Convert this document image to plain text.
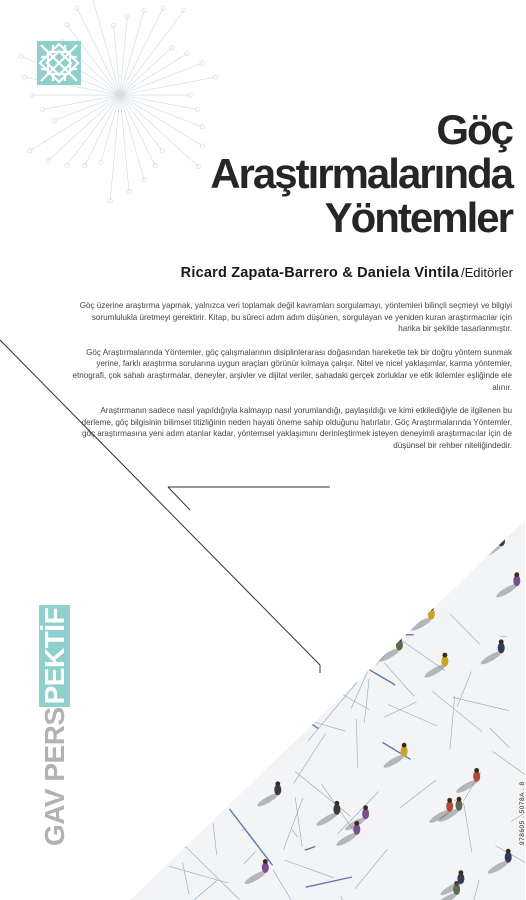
Göç
Araştırmalarında
Yöntemler
Ricard Zapata-Barrero & Daniela Vintila /Editörler

Göç üzerine araştırma yapmak, yalnızca veri toplamak değil kavramları sorgulamayı, yöntemleri bilinçli seçmeyi ve bilgiyi sorumlulukla üretmeyi gerektirir. Kitap, bu süreci adım adım düşünen, sorgulayan ve yeniden kuran araştırmacılar için harika bir şekilde tasarlanmıştır.

Göç Araştırmalarında Yöntemler, göç çalışmalarının disiplinlerarası doğasından hareketle tek bir doğru yöntem sunmak yerine, farklı araştırma sorularına uygun araçları görünür kılmaya çalışır. Nitel ve nicel yaklaşımlar, karma yöntemler, etnografi, çok sahalı araştırmalar, deneyler, arşivler ve dijital veriler, sahadaki gerçek zorluklar ve etik ikilemler eşliğinde ele alınır.

Araştırmanın sadece nasıl yapıldığıyla kalmayıp nasıl yorumlandığı, paylaşıldığı ve kimi etkilediğiyle de ilgilenen bu derleme, göç bilgisinin bilimsel titizliğinin neden hayati öneme sahip olduğunu hatırlatır. Göç Araştırmalarında Yöntemler, göç araştırmasına yeni adım atanlar kadar, yöntemsel yaklaşımını derinleştirmek isteyen deneyimli araştırmacılar için de düşünsel bir rehber niteliğindedir.

GAV PERSPEKTİF
978605 . 5078A . 8
